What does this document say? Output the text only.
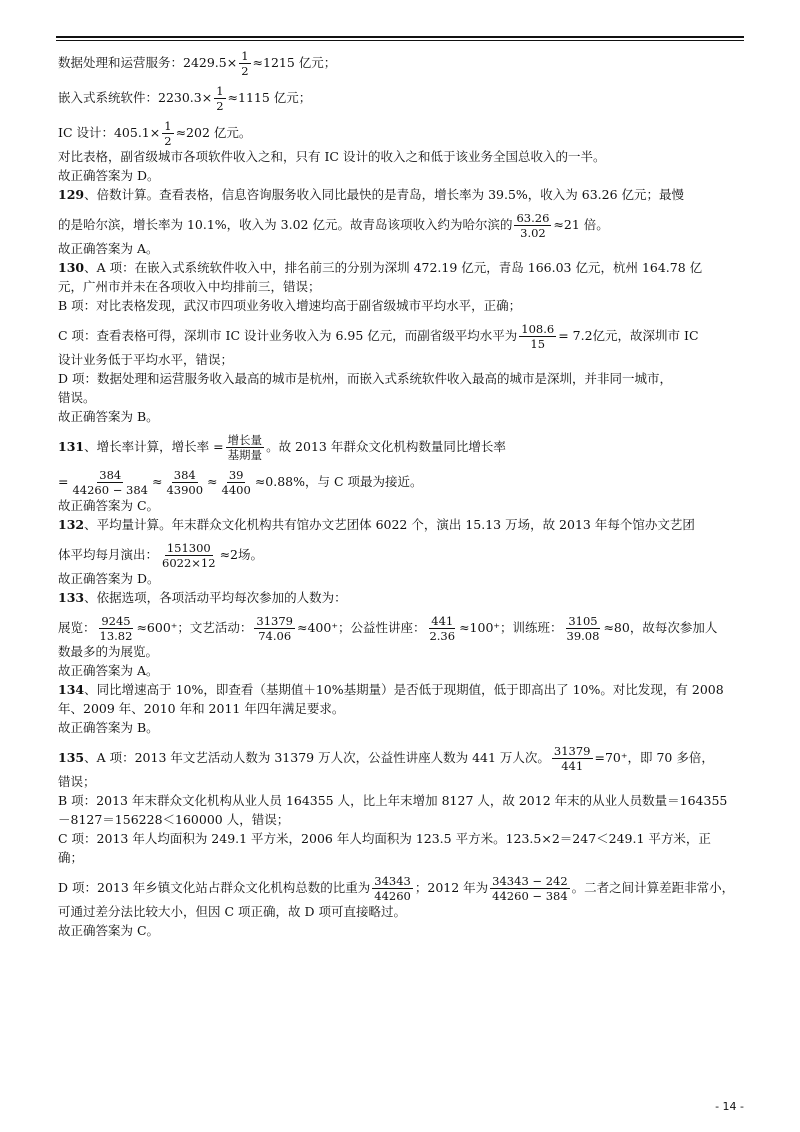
数据处理和运营服务：$2429.5\times \frac{1}{2} \approx 1215$ 亿元；

嵌入式系统软件：$2230.3\times \frac{1}{2} \approx 1115$ 亿元；

IC 设计：$405.1\times \frac{1}{2} \approx 202$ 亿元。

对比表格，副省级城市各项软件收入之和，只有 IC 设计的收入之和低于该业务全国总收入的一半。

故正确答案为 D。

129、倍数计算。查看表格，信息咨询服务收入同比最快的是青岛，增长率为 39.5%，收入为 63.26 亿元；最慢

的是哈尔滨，增长率为 10.1%，收入为 3.02 亿元。故青岛该项收入约为哈尔滨的 $\frac{63.26}{3.02} \approx 21$ 倍。

故正确答案为 A。

130、A 项：在嵌入式系统软件收入中，排名前三的分别为深圳 472.19 亿元，青岛 166.03 亿元，杭州 164.78 亿

元，广州市并未在各项收入中均排前三，错误；

B 项：对比表格发现，武汉市四项业务收入增速均高于副省级城市平均水平，正确；

C 项：查看表格可得，深圳市 IC 设计业务收入为 6.95 亿元，而副省级平均水平为 $\frac{108.6}{15} = 7.2$亿元，故深圳市 IC

设计业务低于平均水平，错误；

D 项：数据处理和运营服务收入最高的城市是杭州，而嵌入式系统软件收入最高的城市是深圳，并非同一城市，

错误。

故正确答案为 B。

131、增长率计算，增长率 = $\frac{\text{增长量}}{\text{基期量}}$ 。故 2013 年群众文化机构数量同比增长率

= $\frac{384}{44260 - 384} \approx \frac{384}{43900} \approx \frac{39}{4400} \approx 0.88\%$，与 C 项最为接近。

故正确答案为 C。

132、平均量计算。年末群众文化机构共有馆办文艺团体 6022 个，演出 15.13 万场，故 2013 年每个馆办文艺团

体平均每月演出： $\frac{151300}{6022\times 12} \approx 2$场。

故正确答案为 D。

133、依据选项，各项活动平均每次参加的人数为：

展览： $\frac{9245}{13.82} \approx 600^+$；文艺活动： $\frac{31379}{74.06} \approx 400^+$；公益性讲座： $\frac{441}{2.36} \approx 100^+$；训练班： $\frac{3105}{39.08} \approx 80$，故每次参加人

数最多的为展览。

故正确答案为 A。

134、同比增速高于 10%，即查看（基期值＋10%基期量）是否低于现期值，低于即高出了 10%。对比发现，有 2008

年、2009 年、2010 年和 2011 年四年满足要求。

故正确答案为 B。

135、A 项：2013 年文艺活动人数为 31379 万人次，公益性讲座人数为 441 万人次。 $\frac{31379}{441} =70^+$，即 70 多倍，

错误；

B 项：2013 年末群众文化机构从业人员 164355 人，比上年末增加 8127 人，故 2012 年末的从业人员数量＝164355

－8127＝156228＜160000 人，错误；

C 项：2013 年人均面积为 249.1 平方米，2006 年人均面积为 123.5 平方米。123.5×2＝247＜249.1 平方米，正

确；

D 项：2013 年乡镇文化站占群众文化机构总数的比重为 $\frac{34343}{44260}$ ；2012 年为 $\frac{34343 - 242}{44260 - 384}$ 。二者之间计算差距非常小，

可通过差分法比较大小，但因 C 项正确，故 D 项可直接略过。

故正确答案为 C。

- 14 -
